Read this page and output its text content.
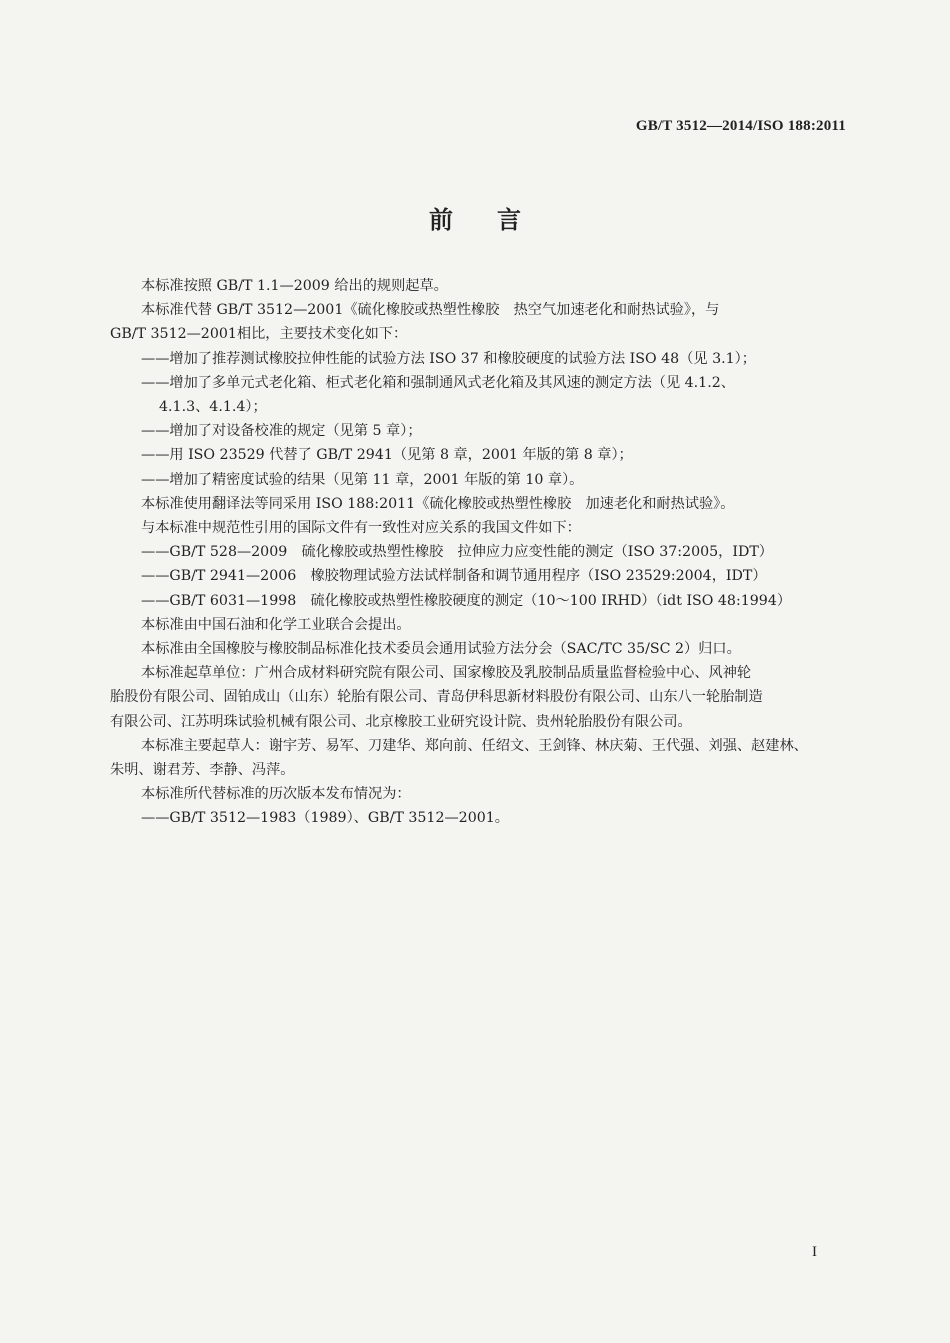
GB/T 3512—2014/ISO 188:2011
前言

本标准按照 GB/T 1.1—2009 给出的规则起草。

本标准代替 GB/T 3512—2001《硫化橡胶或热塑性橡胶　热空气加速老化和耐热试验》，与

GB/T 3512—2001相比，主要技术变化如下：

——增加了推荐测试橡胶拉伸性能的试验方法 ISO 37 和橡胶硬度的试验方法 ISO 48（见 3.1）；

——增加了多单元式老化箱、柜式老化箱和强制通风式老化箱及其风速的测定方法（见 4.1.2、

4.1.3、4.1.4）；

——增加了对设备校准的规定（见第 5 章）；

——用 ISO 23529 代替了 GB/T 2941（见第 8 章，2001 年版的第 8 章）；

——增加了精密度试验的结果（见第 11 章，2001 年版的第 10 章）。

本标准使用翻译法等同采用 ISO 188:2011《硫化橡胶或热塑性橡胶　加速老化和耐热试验》。

与本标准中规范性引用的国际文件有一致性对应关系的我国文件如下：

——GB/T 528—2009　硫化橡胶或热塑性橡胶　拉伸应力应变性能的测定（ISO 37:2005，IDT）

——GB/T 2941—2006　橡胶物理试验方法试样制备和调节通用程序（ISO 23529:2004，IDT）

——GB/T 6031—1998　硫化橡胶或热塑性橡胶硬度的测定（10～100 IRHD）（idt ISO 48:1994）

本标准由中国石油和化学工业联合会提出。

本标准由全国橡胶与橡胶制品标准化技术委员会通用试验方法分会（SAC/TC 35/SC 2）归口。

本标准起草单位：广州合成材料研究院有限公司、国家橡胶及乳胶制品质量监督检验中心、风神轮

胎股份有限公司、固铂成山（山东）轮胎有限公司、青岛伊科思新材料股份有限公司、山东八一轮胎制造

有限公司、江苏明珠试验机械有限公司、北京橡胶工业研究设计院、贵州轮胎股份有限公司。

本标准主要起草人：谢宇芳、易军、刀建华、郑向前、任绍文、王剑锋、林庆菊、王代强、刘强、赵建林、

朱明、谢君芳、李静、冯萍。

本标准所代替标准的历次版本发布情况为：

——GB/T 3512—1983（1989）、GB/T 3512—2001。

I
